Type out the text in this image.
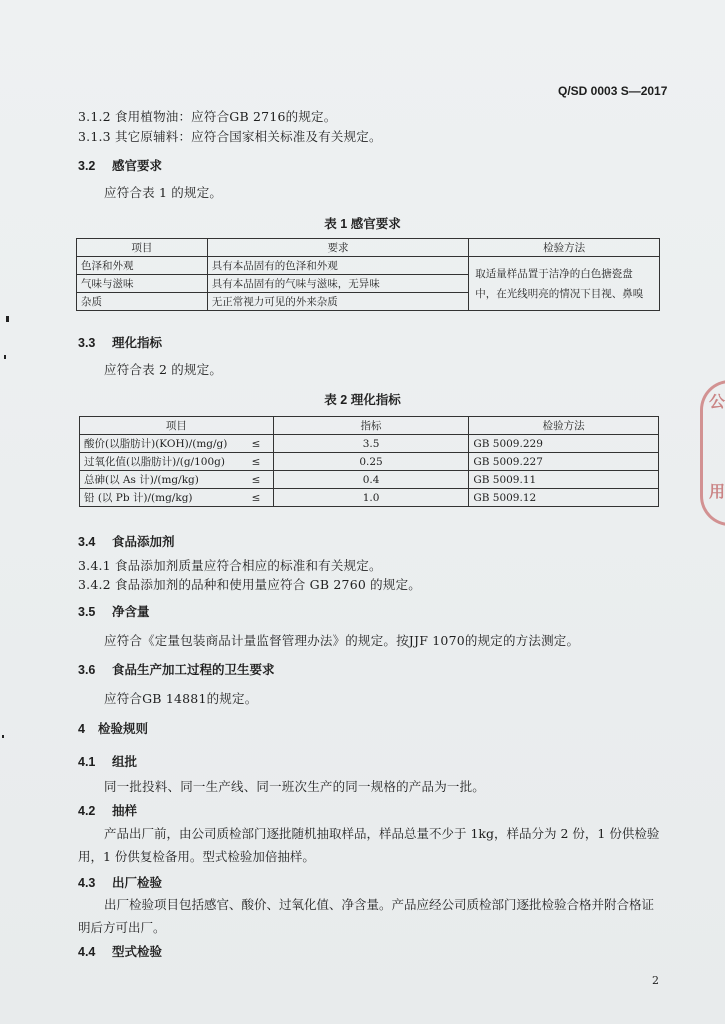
Q/SD 0003 S—2017
3.1.2 食用植物油：应符合GB 2716的规定。
3.1.3 其它原辅料：应符合国家相关标准及有关规定。
3.2 感官要求
应符合表 1 的规定。
表 1 感官要求
项目	要求	检验方法
色泽和外观	具有本品固有的色泽和外观	取适量样品置于洁净的白色搪瓷盘中，在光线明亮的情况下目视、鼻嗅
气味与滋味	具有本品固有的气味与滋味，无异味	
杂质	无正常视力可见的外来杂质	
3.3 理化指标
应符合表 2 的规定。
表 2 理化指标
项目		指标	检验方法
酸价(以脂肪计)(KOH)/(mg/g)	≤	3.5	GB 5009.229
过氧化值(以脂肪计)/(g/100g)	≤	0.25	GB 5009.227
总砷(以 As 计)/(mg/kg)	≤	0.4	GB 5009.11
铅 (以 Pb 计)/(mg/kg)	≤	1.0	GB 5009.12
3.4 食品添加剂
3.4.1 食品添加剂质量应符合相应的标准和有关规定。
3.4.2 食品添加剂的品种和使用量应符合 GB 2760 的规定。
3.5 净含量
应符合《定量包装商品计量监督管理办法》的规定。按JJF 1070的规定的方法测定。
3.6 食品生产加工过程的卫生要求
应符合GB 14881的规定。
4 检验规则
4.1 组批
同一批投料、同一生产线、同一班次生产的同一规格的产品为一批。
4.2 抽样
产品出厂前，由公司质检部门逐批随机抽取样品，样品总量不少于 1kg，样品分为 2 份，1 份供检验用，1 份供复检备用。型式检验加倍抽样。
4.3 出厂检验
出厂检验项目包括感官、酸价、过氧化值、净含量。产品应经公司质检部门逐批检验合格并附合格证明后方可出厂。
4.4 型式检验
2
公
用
